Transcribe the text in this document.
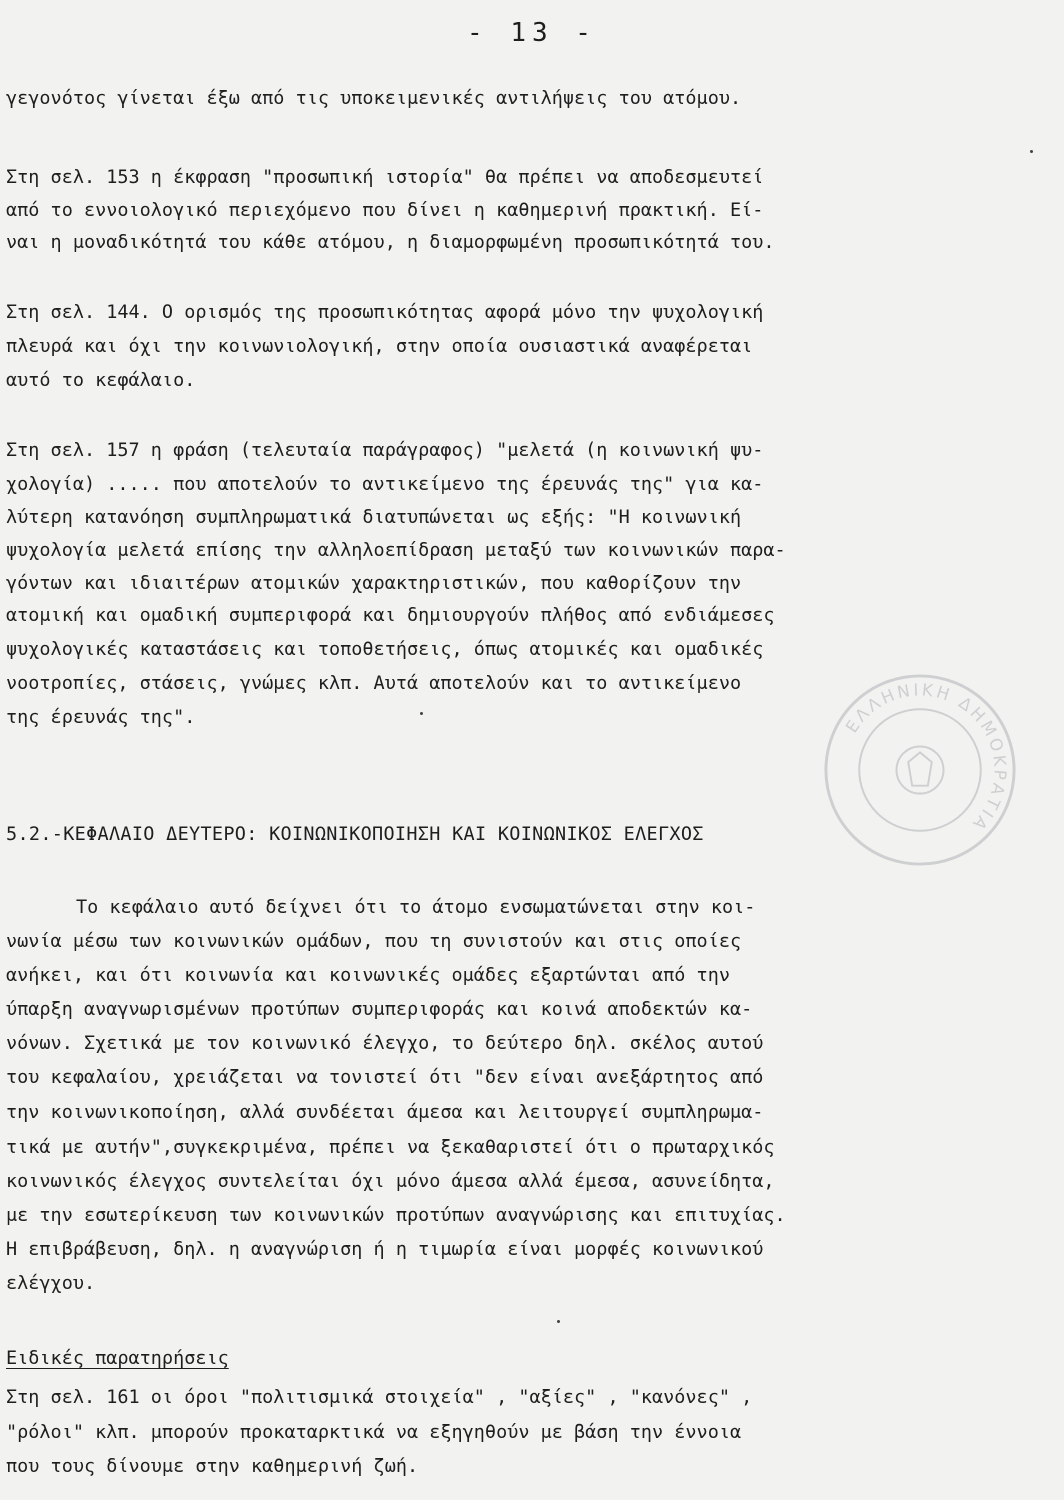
- 13 -
γεγονότος γίνεται έξω από τις υποκειμενικές αντιλήψεις του ατόμου.
Στη σελ. 153 η έκφραση "προσωπική ιστορία" θα πρέπει να αποδεσμευτεί
από το εννοιολογικό περιεχόμενο που δίνει η καθημερινή πρακτική. Εί-
ναι η μοναδικότητά του κάθε ατόμου, η διαμορφωμένη προσωπικότητά του.
Στη σελ. 144. Ο ορισμός της προσωπικότητας αφορά μόνο την ψυχολογική
πλευρά και όχι την κοινωνιολογική, στην οποία ουσιαστικά αναφέρεται
αυτό το κεφάλαιο.
Στη σελ. 157 η φράση (τελευταία παράγραφος) "μελετά (η κοινωνική ψυ-
χολογία) ..... που αποτελούν το αντικείμενο της έρευνάς της" για κα-
λύτερη κατανόηση συμπληρωματικά διατυπώνεται ως εξής: "Η κοινωνική
ψυχολογία μελετά επίσης την αλληλοεπίδραση μεταξύ των κοινωνικών παρα-
γόντων και ιδιαιτέρων ατομικών χαρακτηριστικών, που καθορίζουν την
ατομική και ομαδική συμπεριφορά και δημιουργούν πλήθος από ενδιάμεσες
ψυχολογικές καταστάσεις και τοποθετήσεις, όπως ατομικές και ομαδικές
νοοτροπίες, στάσεις, γνώμες κλπ. Αυτά αποτελούν και το αντικείμενο
της έρευνάς της".
5.2.-ΚΕΦΑΛΑΙΟ ΔΕΥΤΕΡΟ: ΚΟΙΝΩΝΙΚΟΠΟΙΗΣΗ ΚΑΙ ΚΟΙΝΩΝΙΚΟΣ ΕΛΕΓΧΟΣ
Το κεφάλαιο αυτό δείχνει ότι το άτομο ενσωματώνεται στην κοι-
νωνία μέσω των κοινωνικών ομάδων, που τη συνιστούν και στις οποίες
ανήκει, και ότι κοινωνία και κοινωνικές ομάδες εξαρτώνται από την
ύπαρξη αναγνωρισμένων προτύπων συμπεριφοράς και κοινά αποδεκτών κα-
νόνων. Σχετικά με τον κοινωνικό έλεγχο, το δεύτερο δηλ. σκέλος αυτού
του κεφαλαίου, χρειάζεται να τονιστεί ότι "δεν είναι ανεξάρτητος από
την κοινωνικοποίηση, αλλά συνδέεται άμεσα και λειτουργεί συμπληρωμα-
τικά με αυτήν",συγκεκριμένα, πρέπει να ξεκαθαριστεί ότι ο πρωταρχικός
κοινωνικός έλεγχος συντελείται όχι μόνο άμεσα αλλά έμεσα, ασυνείδητα,
με την εσωτερίκευση των κοινωνικών προτύπων αναγνώρισης και επιτυχίας.
Η επιβράβευση, δηλ. η αναγνώριση ή η τιμωρία είναι μορφές κοινωνικού
ελέγχου.
Ειδικές παρατηρήσεις
Στη σελ. 161 οι όροι "πολιτισμικά στοιχεία" , "αξίες" , "κανόνες" ,
"ρόλοι" κλπ. μπορούν προκαταρκτικά να εξηγηθούν με βάση την έννοια
που τους δίνουμε στην καθημερινή ζωή.
ΕΛΛΗΝΙΚΗ ΔΗΜΟΚΡΑΤΙΑ
